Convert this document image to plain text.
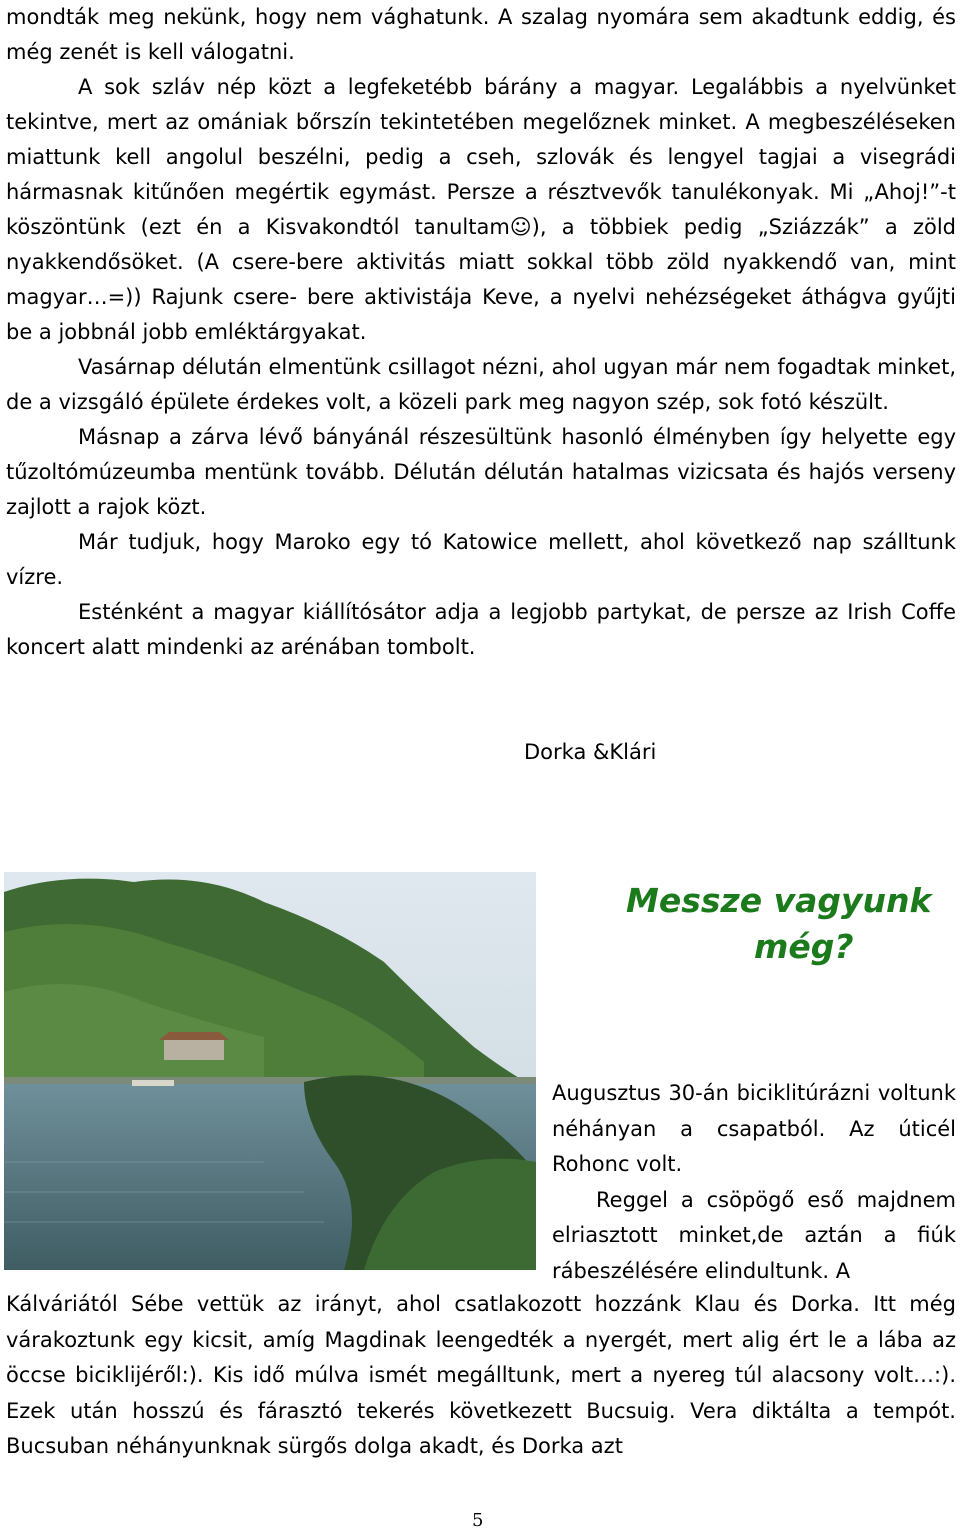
mondták meg nekünk, hogy nem vághatunk. A szalag nyomára sem akadtunk eddig, és még zenét is kell válogatni.

A sok szláv nép közt a legfeketébb bárány a magyar. Legalábbis a nyelvünket tekintve, mert az omániak bőrszín tekintetében megelőznek minket. A megbeszéléseken miattunk kell angolul beszélni, pedig a cseh, szlovák és lengyel tagjai a visegrádi hármasnak kitűnően megértik egymást. Persze a résztvevők tanulékonyak. Mi „Ahoj!”-t köszöntünk (ezt én a Kisvakondtól tanultam☺), a többiek pedig „Sziázzák” a zöld nyakkendősöket. (A csere-bere aktivitás miatt sokkal több zöld nyakkendő van, mint magyar…=)) Rajunk csere- bere aktivistája Keve, a nyelvi nehézségeket áthágva gyűjti be a jobbnál jobb emléktárgyakat.

Vasárnap délután elmentünk csillagot nézni, ahol ugyan már nem fogadtak minket, de a vizsgáló épülete érdekes volt, a közeli park meg nagyon szép, sok fotó készült.

Másnap a zárva lévő bányánál részesültünk hasonló élményben így helyette egy tűzoltómúzeumba mentünk tovább. Délután délután hatalmas vizicsata és hajós verseny zajlott a rajok közt.

Már tudjuk, hogy Maroko egy tó Katowice mellett, ahol következő nap szálltunk vízre.

Esténként a magyar kiállítósátor adja a legjobb partykat, de persze az Irish Coffe koncert alatt mindenki az arénában tombolt.

Dorka &Klári
Messze vagyunk
még?

Augusztus 30-án biciklitúrázni voltunk néhányan a csapatból. Az úticél Rohonc volt.

Reggel a csöpögő eső majdnem elriasztott minket,de aztán a fiúk rábeszélésére elindultunk. A

Kálváriától Sébe vettük az irányt, ahol csatlakozott hozzánk Klau és Dorka. Itt még várakoztunk egy kicsit, amíg Magdinak leengedték a nyergét, mert alig ért le a lába az öccse biciklijéről:). Kis idő múlva ismét megálltunk, mert a nyereg túl alacsony volt…:). Ezek után hosszú és fárasztó tekerés következett Bucsuig. Vera diktálta a tempót. Bucsuban néhányunknak sürgős dolga akadt, és Dorka azt

5
